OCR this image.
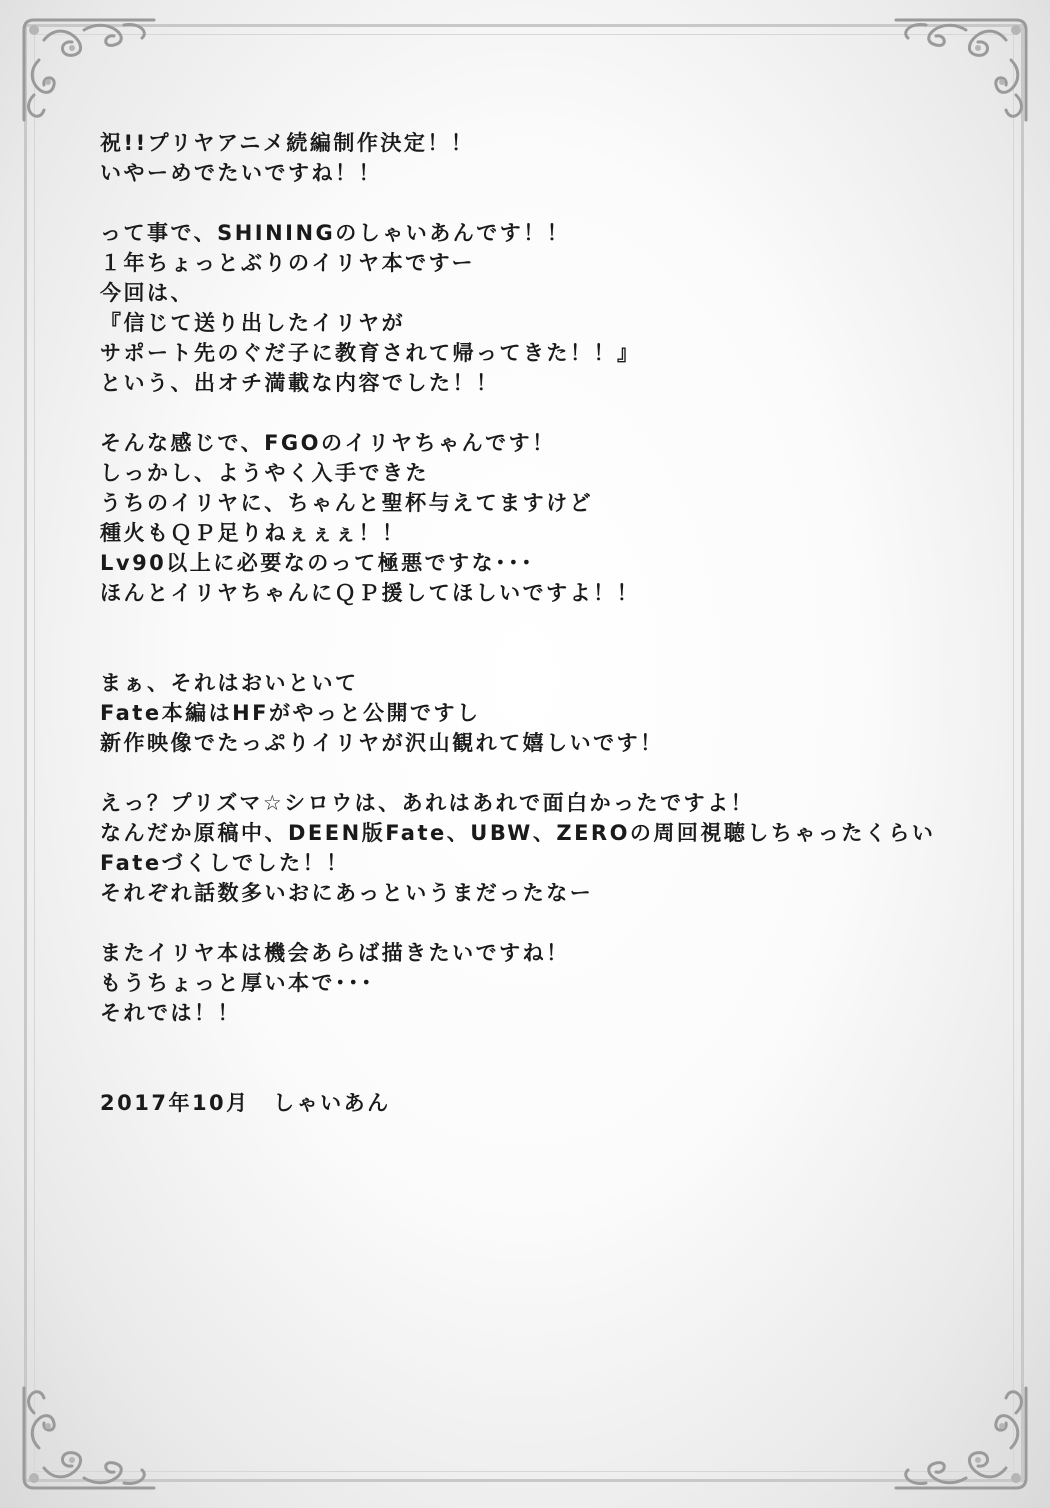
祝!!プリヤアニメ続編制作決定！！
いやーめでたいですね！！
って事で、SHININGのしゃいあんです！！
１年ちょっとぶりのイリヤ本ですー
今回は、
『信じて送り出したイリヤが
サポート先のぐだ子に教育されて帰ってきた！！』
という、出オチ満載な内容でした！！
そんな感じで、FGOのイリヤちゃんです！
しっかし、ようやく入手できた
うちのイリヤに、ちゃんと聖杯与えてますけど
種火もＱＰ足りねぇぇぇ！！
Lv90以上に必要なのって極悪ですな･･･
ほんとイリヤちゃんにＱＰ援してほしいですよ！！
まぁ、それはおいといて
Fate本編はHFがやっと公開ですし
新作映像でたっぷりイリヤが沢山観れて嬉しいです！
えっ？プリズマ☆シロウは、あれはあれで面白かったですよ！
なんだか原稿中、DEEN版Fate、UBW、ZEROの周回視聴しちゃったくらい
Fateづくしでした！！
それぞれ話数多いおにあっというまだったなー
またイリヤ本は機会あらば描きたいですね！
もうちょっと厚い本で･･･
それでは！！
2017年10月　しゃいあん
